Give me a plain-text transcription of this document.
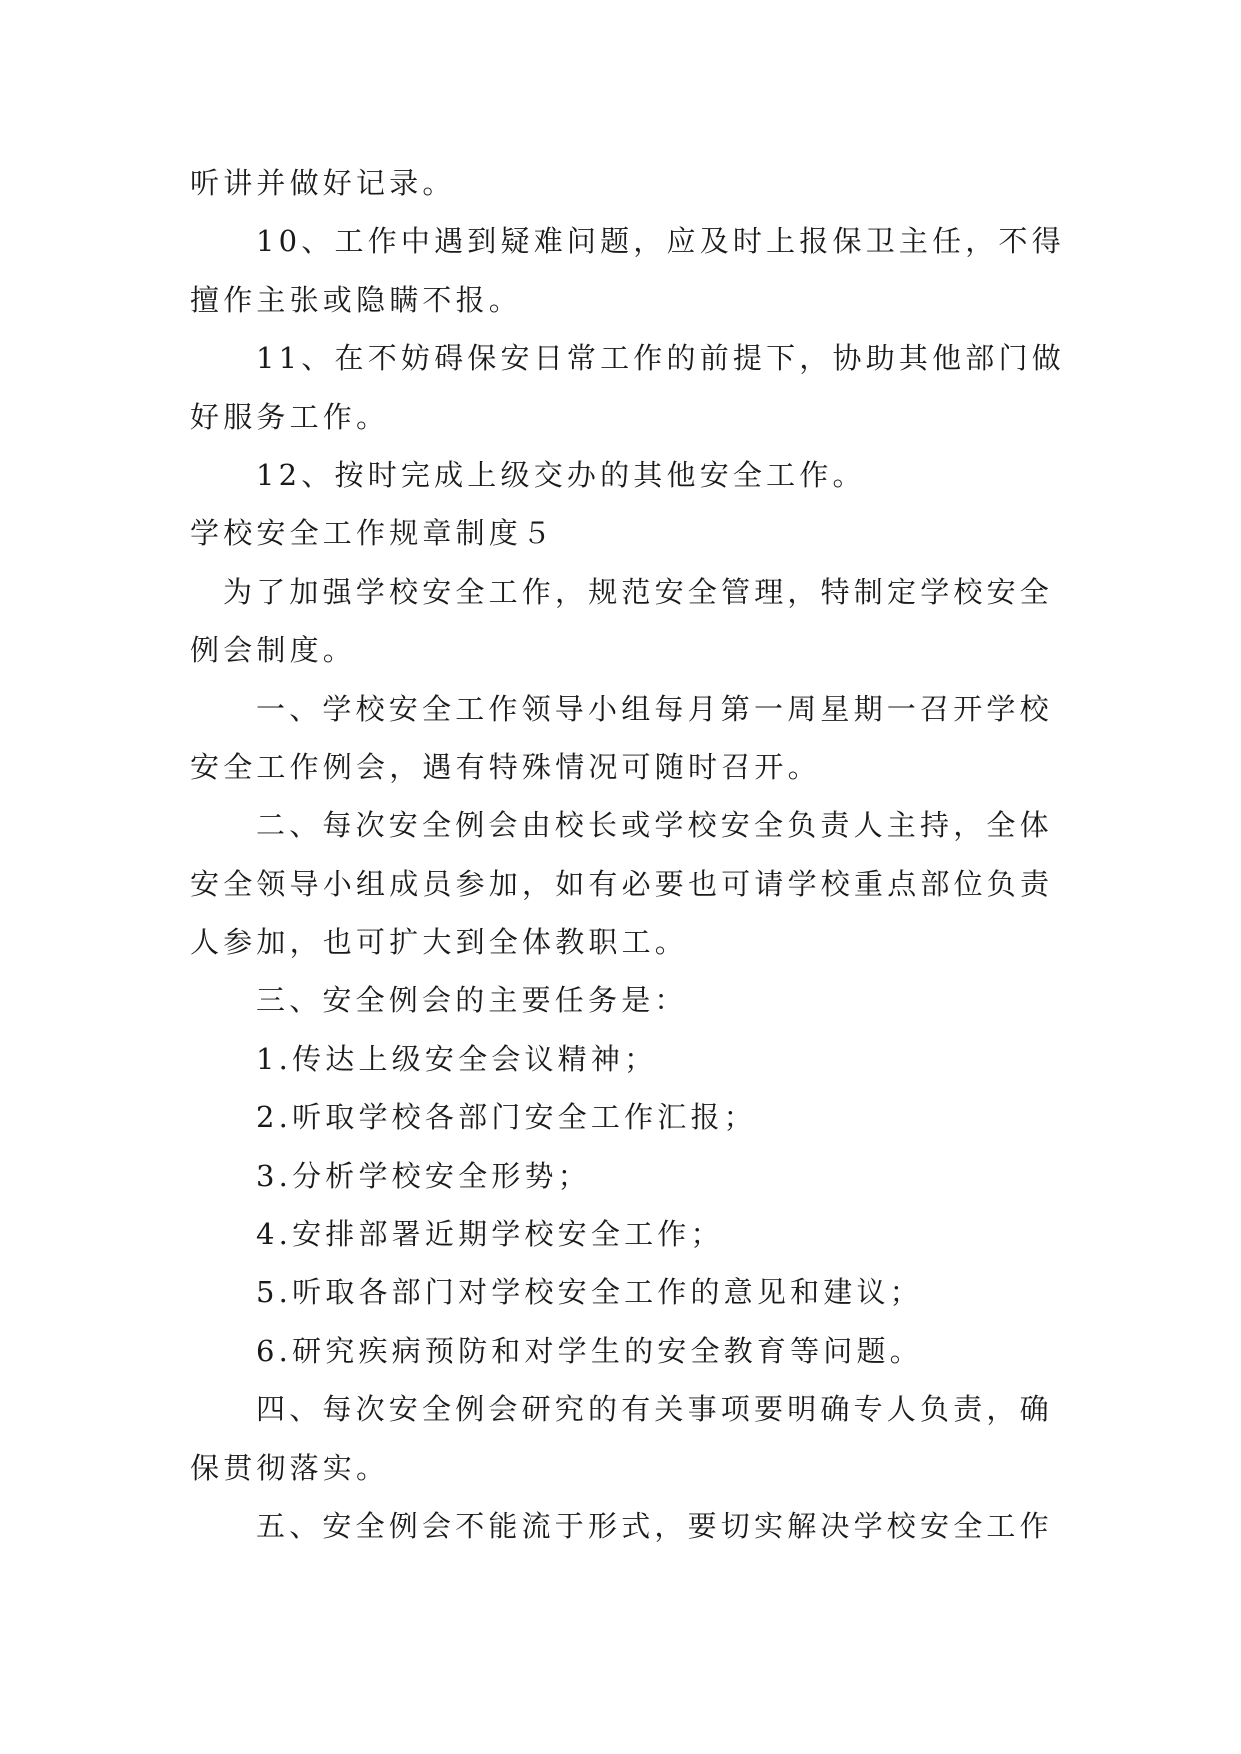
听讲并做好记录。
10、工作中遇到疑难问题，应及时上报保卫主任，不得
擅作主张或隐瞒不报。
11、在不妨碍保安日常工作的前提下，协助其他部门做
好服务工作。
12、按时完成上级交办的其他安全工作。
学校安全工作规章制度５
为了加强学校安全工作，规范安全管理，特制定学校安全
例会制度。
一、学校安全工作领导小组每月第一周星期一召开学校
安全工作例会，遇有特殊情况可随时召开。
二、每次安全例会由校长或学校安全负责人主持，全体
安全领导小组成员参加，如有必要也可请学校重点部位负责
人参加，也可扩大到全体教职工。
三、安全例会的主要任务是：
1.传达上级安全会议精神；
2.听取学校各部门安全工作汇报；
3.分析学校安全形势；
4.安排部署近期学校安全工作；
5.听取各部门对学校安全工作的意见和建议；
6.研究疾病预防和对学生的安全教育等问题。
四、每次安全例会研究的有关事项要明确专人负责，确
保贯彻落实。
五、安全例会不能流于形式，要切实解决学校安全工作
